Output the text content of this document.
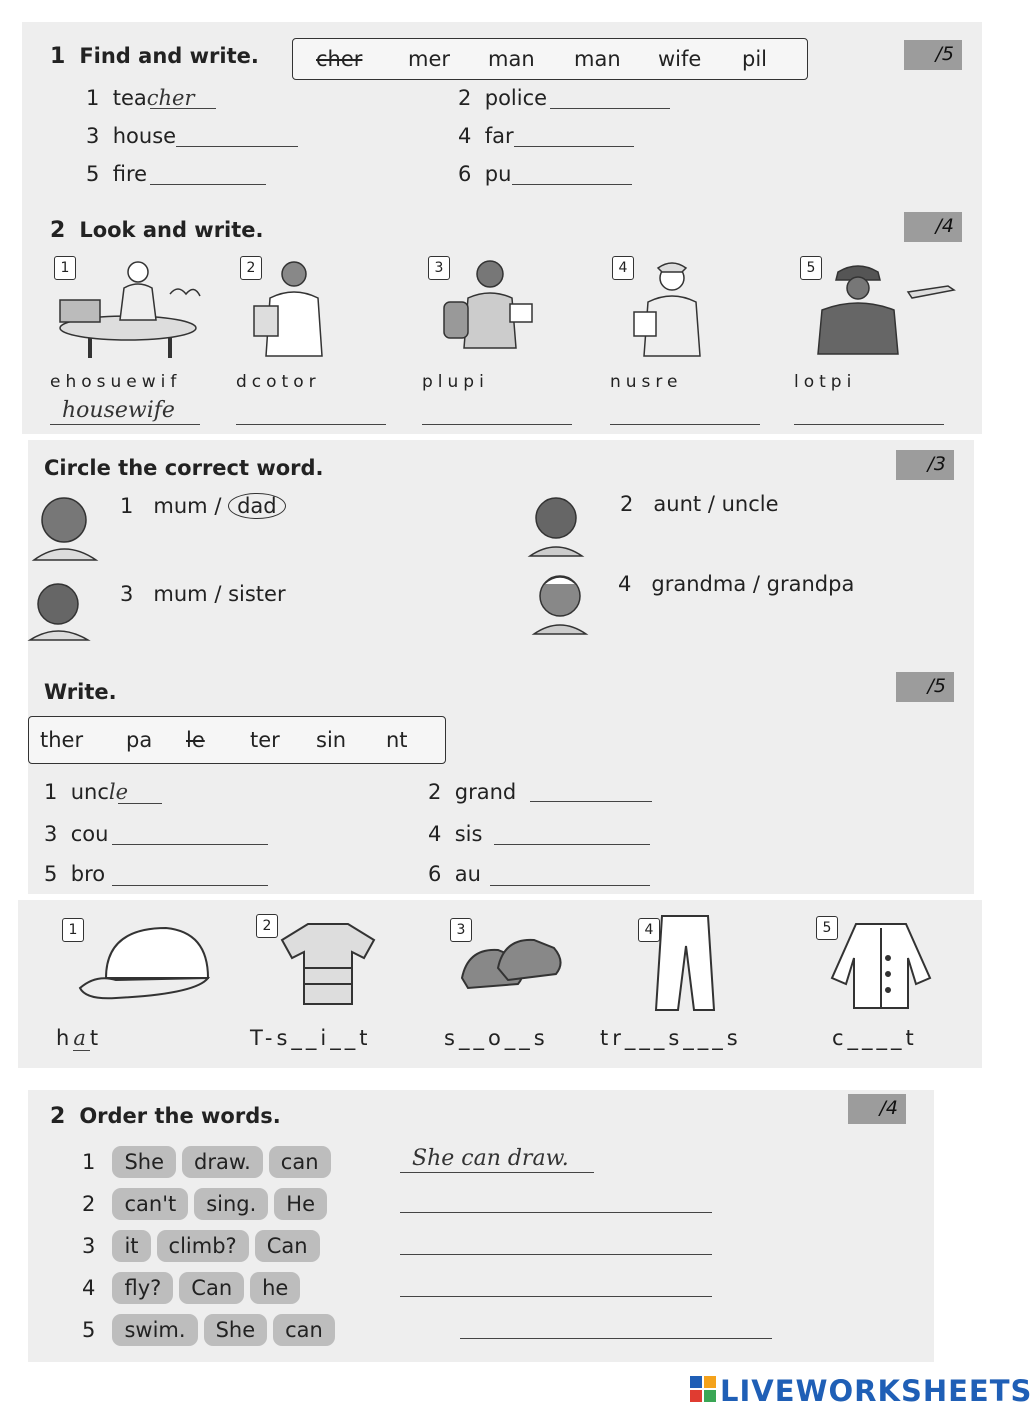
1 Find and write.	cher mer man man wife pil	/5
1 teacher	2 police
3 house	4 far
5 fire	6 pu
2 Look and write.	/4
1	2	3	4	5
ehosuewif	dcotor	plupi	nusre	lotpi
housewife
Circle the correct word.	/3
1 mum / dad	2 aunt / uncle
3 mum / sister	4 grandma / grandpa
Write.	/5
ther pa le ter sin nt
1 uncle	2 grand
3 cou	4 sis
5 bro	6 au
1	2	3	4	5
hat	T-s__i__t	s__o__s tr___s___s	c____t
2 Order the words.	/4
1 She draw. can	She can draw.
2 can't sing. He
3 it climb? Can
4 fly? Can he
5 swim. She can
LIVEWORKSHEETS
